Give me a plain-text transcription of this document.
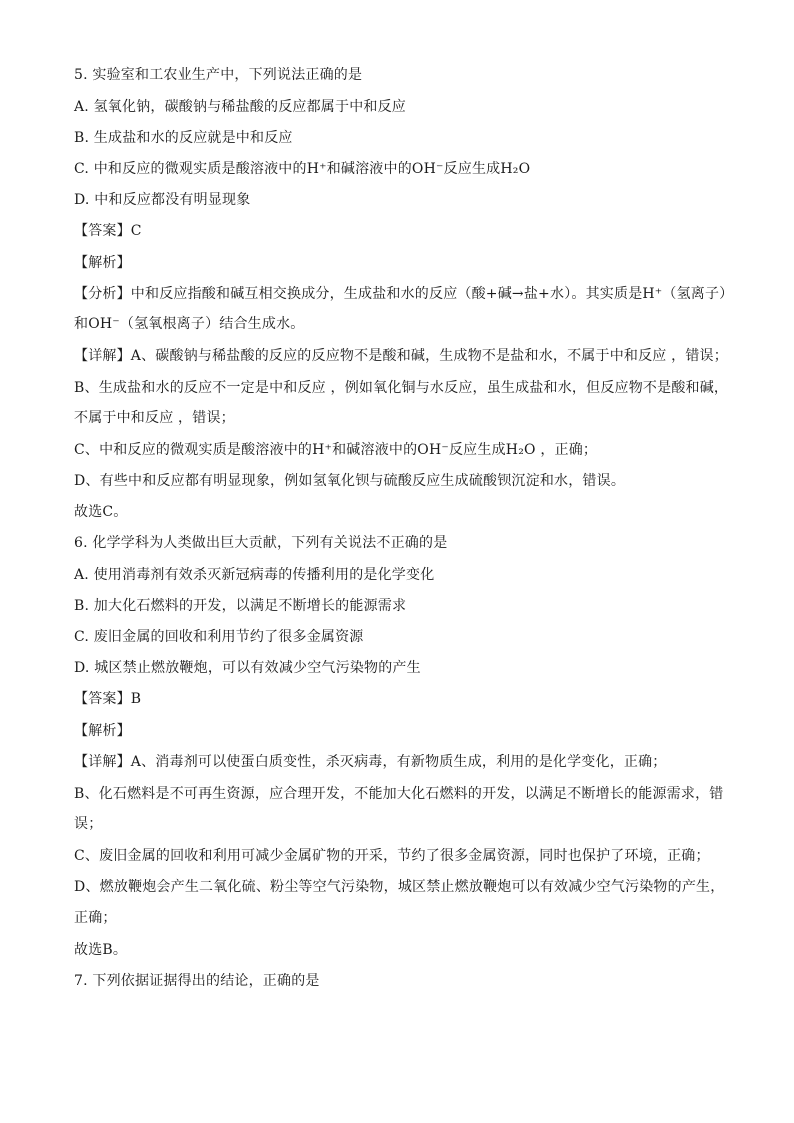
5. 实验室和工农业生产中，下列说法正确的是
A. 氢氧化钠，碳酸钠与稀盐酸的反应都属于中和反应
B. 生成盐和水的反应就是中和反应
C. 中和反应的微观实质是酸溶液中的H⁺和碱溶液中的OH⁻反应生成H₂O
D. 中和反应都没有明显现象
【答案】C
【解析】
【分析】中和反应指酸和碱互相交换成分，生成盐和水的反应（酸+碱→盐+水）。其实质是H⁺（氢离子）
和OH⁻（氢氧根离子）结合生成水。
【详解】A、碳酸钠与稀盐酸的反应的反应物不是酸和碱，生成物不是盐和水，不属于中和反应 ，错误；
B、生成盐和水的反应不一定是中和反应 ，例如氧化铜与水反应，虽生成盐和水，但反应物不是酸和碱，
不属于中和反应 ，错误；
C、中和反应的微观实质是酸溶液中的H⁺和碱溶液中的OH⁻反应生成H₂O ，正确；
D、有些中和反应都有明显现象，例如氢氧化钡与硫酸反应生成硫酸钡沉淀和水，错误。
故选C。
6. 化学学科为人类做出巨大贡献，下列有关说法不正确的是
A. 使用消毒剂有效杀灭新冠病毒的传播利用的是化学变化
B. 加大化石燃料的开发，以满足不断增长的能源需求
C. 废旧金属的回收和利用节约了很多金属资源
D. 城区禁止燃放鞭炮，可以有效减少空气污染物的产生
【答案】B
【解析】
【详解】A、消毒剂可以使蛋白质变性，杀灭病毒，有新物质生成，利用的是化学变化，正确；
B、化石燃料是不可再生资源，应合理开发，不能加大化石燃料的开发，以满足不断增长的能源需求，错
误；
C、废旧金属的回收和利用可减少金属矿物的开采，节约了很多金属资源，同时也保护了环境，正确；
D、燃放鞭炮会产生二氧化硫、粉尘等空气污染物，城区禁止燃放鞭炮可以有效减少空气污染物的产生，
正确；
故选B。
7. 下列依据证据得出的结论，正确的是
